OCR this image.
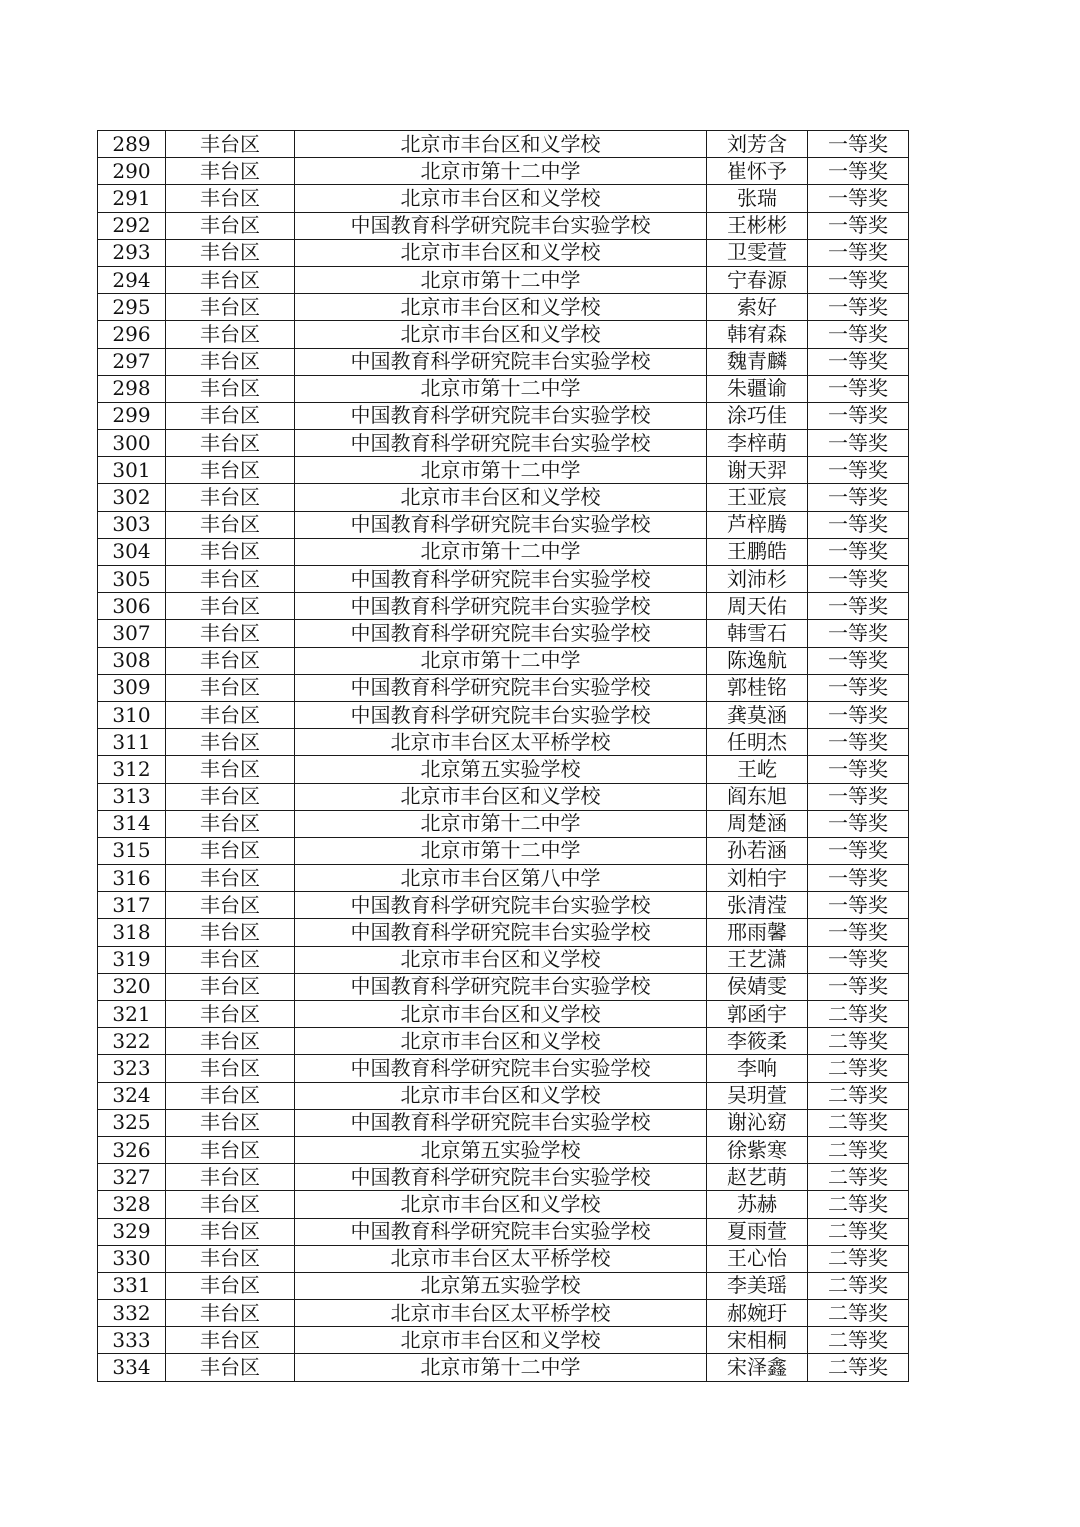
289	丰台区	北京市丰台区和义学校	刘芳含	一等奖
290	丰台区	北京市第十二中学	崔怀予	一等奖
291	丰台区	北京市丰台区和义学校	张瑞	一等奖
292	丰台区	中国教育科学研究院丰台实验学校	王彬彬	一等奖
293	丰台区	北京市丰台区和义学校	卫雯萱	一等奖
294	丰台区	北京市第十二中学	宁春源	一等奖
295	丰台区	北京市丰台区和义学校	索好	一等奖
296	丰台区	北京市丰台区和义学校	韩宥森	一等奖
297	丰台区	中国教育科学研究院丰台实验学校	魏青麟	一等奖
298	丰台区	北京市第十二中学	朱疆谕	一等奖
299	丰台区	中国教育科学研究院丰台实验学校	涂巧佳	一等奖
300	丰台区	中国教育科学研究院丰台实验学校	李梓萌	一等奖
301	丰台区	北京市第十二中学	谢天羿	一等奖
302	丰台区	北京市丰台区和义学校	王亚宸	一等奖
303	丰台区	中国教育科学研究院丰台实验学校	芦梓腾	一等奖
304	丰台区	北京市第十二中学	王鹏皓	一等奖
305	丰台区	中国教育科学研究院丰台实验学校	刘沛杉	一等奖
306	丰台区	中国教育科学研究院丰台实验学校	周天佑	一等奖
307	丰台区	中国教育科学研究院丰台实验学校	韩雪石	一等奖
308	丰台区	北京市第十二中学	陈逸航	一等奖
309	丰台区	中国教育科学研究院丰台实验学校	郭桂铭	一等奖
310	丰台区	中国教育科学研究院丰台实验学校	龚莫涵	一等奖
311	丰台区	北京市丰台区太平桥学校	任明杰	一等奖
312	丰台区	北京第五实验学校	王屹	一等奖
313	丰台区	北京市丰台区和义学校	阎东旭	一等奖
314	丰台区	北京市第十二中学	周楚涵	一等奖
315	丰台区	北京市第十二中学	孙若涵	一等奖
316	丰台区	北京市丰台区第八中学	刘柏宇	一等奖
317	丰台区	中国教育科学研究院丰台实验学校	张清滢	一等奖
318	丰台区	中国教育科学研究院丰台实验学校	邢雨馨	一等奖
319	丰台区	北京市丰台区和义学校	王艺潇	一等奖
320	丰台区	中国教育科学研究院丰台实验学校	侯婧雯	一等奖
321	丰台区	北京市丰台区和义学校	郭函宇	二等奖
322	丰台区	北京市丰台区和义学校	李筱柔	二等奖
323	丰台区	中国教育科学研究院丰台实验学校	李响	二等奖
324	丰台区	北京市丰台区和义学校	吴玥萱	二等奖
325	丰台区	中国教育科学研究院丰台实验学校	谢沁窈	二等奖
326	丰台区	北京第五实验学校	徐紫寒	二等奖
327	丰台区	中国教育科学研究院丰台实验学校	赵艺萌	二等奖
328	丰台区	北京市丰台区和义学校	苏赫	二等奖
329	丰台区	中国教育科学研究院丰台实验学校	夏雨萱	二等奖
330	丰台区	北京市丰台区太平桥学校	王心怡	二等奖
331	丰台区	北京第五实验学校	李美瑶	二等奖
332	丰台区	北京市丰台区太平桥学校	郝婉玗	二等奖
333	丰台区	北京市丰台区和义学校	宋相桐	二等奖
334	丰台区	北京市第十二中学	宋泽鑫	二等奖
